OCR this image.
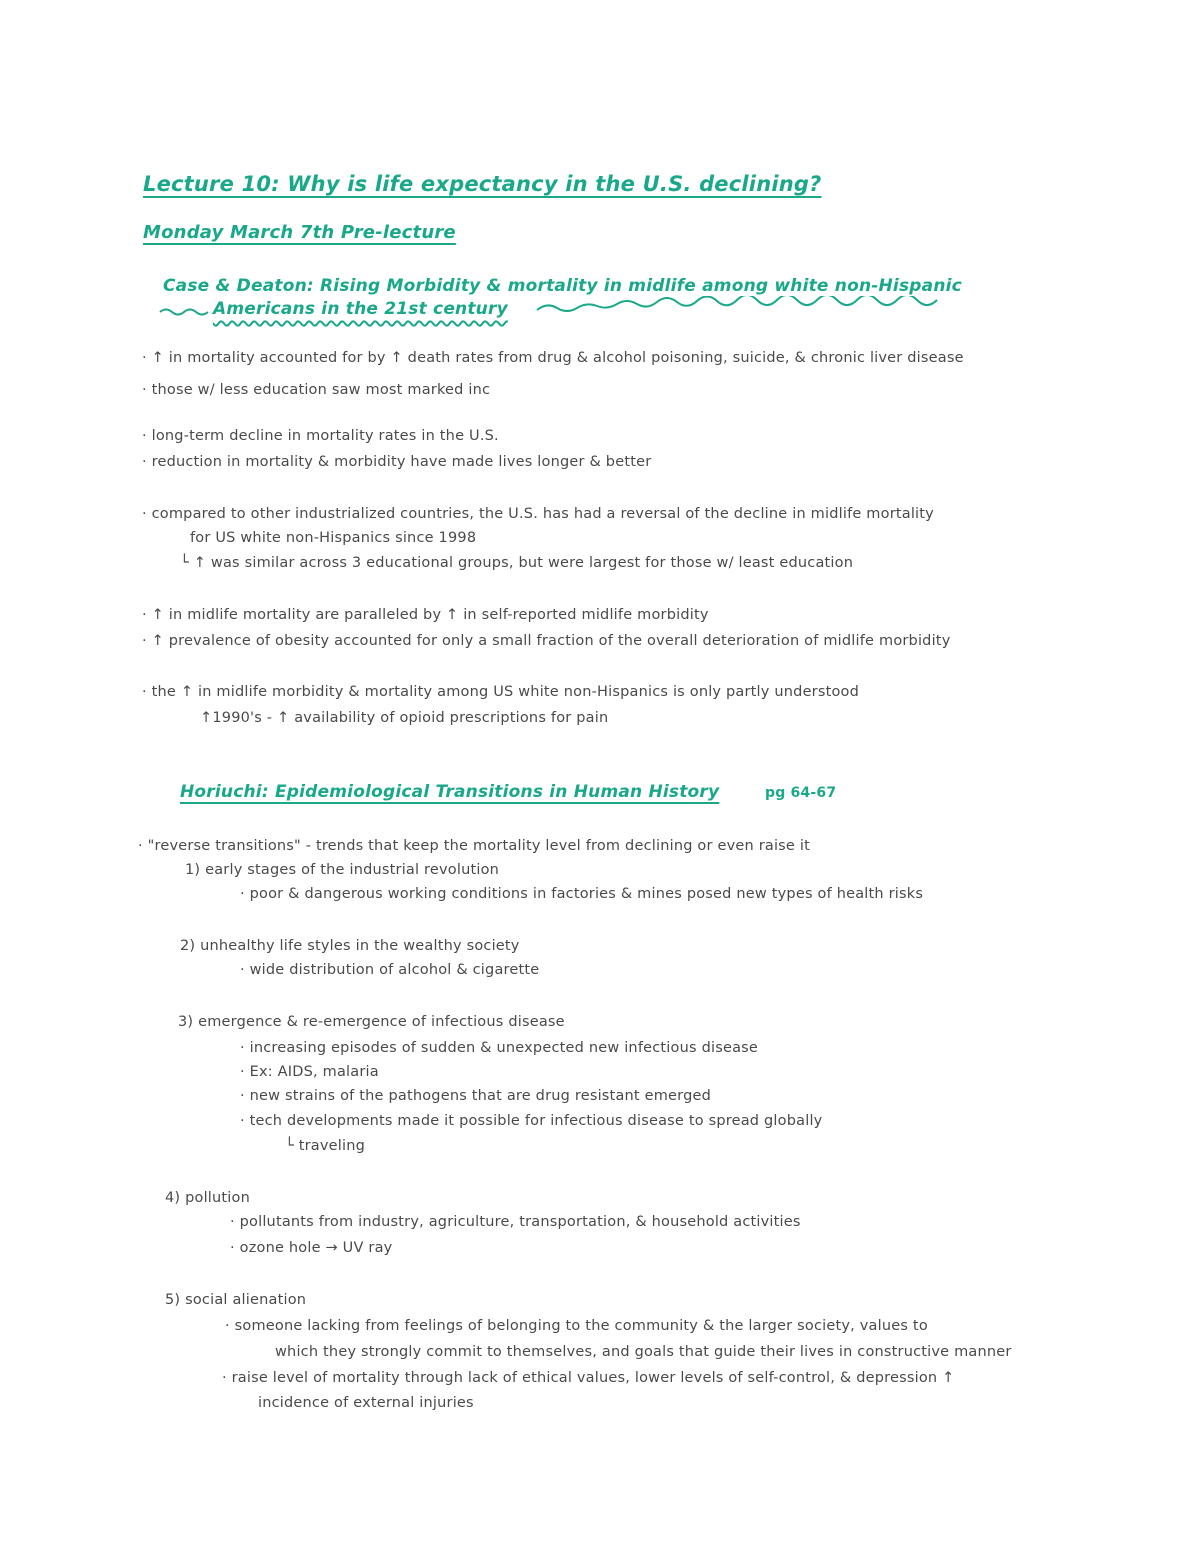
Lecture 10: Why is life expectancy in the U.S. declining?
Monday March 7th Pre-lecture
Case & Deaton: Rising Morbidity & mortality in midlife among white non-Hispanic
Americans in the 21st century
· ↑ in mortality accounted for by ↑ death rates from drug & alcohol poisoning, suicide, & chronic liver disease
· those w/ less education saw most marked inc
· long-term decline in mortality rates in the U.S.
· reduction in mortality & morbidity have made lives longer & better
· compared to other industrialized countries, the U.S. has had a reversal of the decline in midlife mortality
for US white non-Hispanics since 1998
└ ↑ was similar across 3 educational groups, but were largest for those w/ least education
· ↑ in midlife mortality are paralleled by ↑ in self-reported midlife morbidity
· ↑ prevalence of obesity accounted for only a small fraction of the overall deterioration of midlife morbidity
· the ↑ in midlife morbidity & mortality among US white non-Hispanics is only partly understood
↑1990's - ↑ availability of opioid prescriptions for pain
Horiuchi: Epidemiological Transitions in Human History	pg 64-67
· "reverse transitions" - trends that keep the mortality level from declining or even raise it
1) early stages of the industrial revolution
· poor & dangerous working conditions in factories & mines posed new types of health risks
2) unhealthy life styles in the wealthy society
· wide distribution of alcohol & cigarette
3) emergence & re-emergence of infectious disease
· increasing episodes of sudden & unexpected new infectious disease
· Ex: AIDS, malaria
· new strains of the pathogens that are drug resistant emerged
· tech developments made it possible for infectious disease to spread globally
└ traveling
4) pollution
· pollutants from industry, agriculture, transportation, & household activities
· ozone hole → UV ray
5) social alienation
· someone lacking from feelings of belonging to the community & the larger society, values to
which they strongly commit to themselves, and goals that guide their lives in constructive manner
· raise level of mortality through lack of ethical values, lower levels of self-control, & depression ↑
incidence of external injuries
